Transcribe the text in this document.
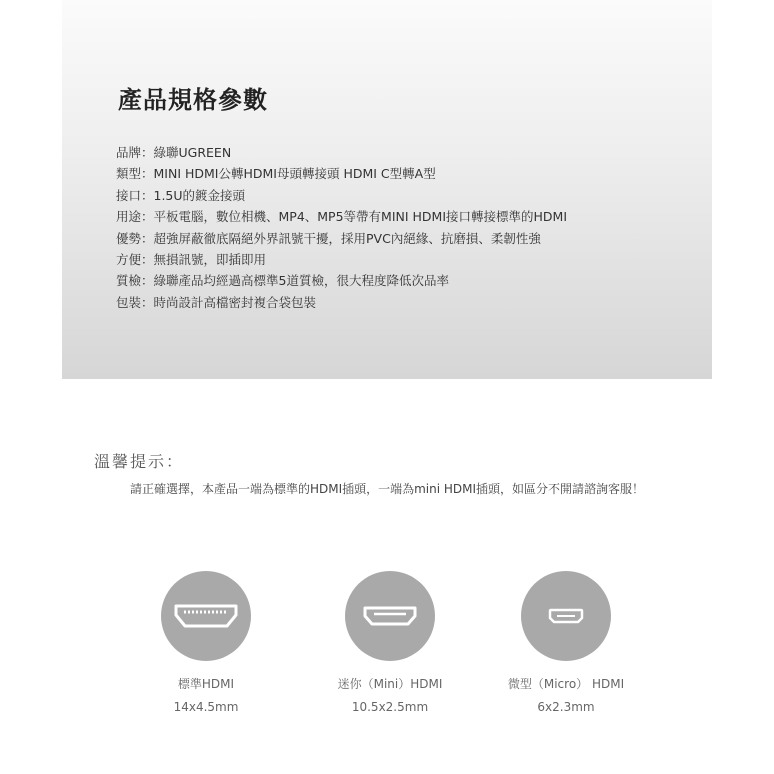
產品規格參數
品牌：綠聯UGREEN
類型：MINI HDMI公轉HDMI母頭轉接頭 HDMI C型轉A型
接口：1.5U的鍍金接頭
用途：平板電腦，數位相機、MP4、MP5等帶有MINI HDMI接口轉接標準的HDMI
優勢：超強屏蔽徹底隔絕外界訊號干擾，採用PVC內絕緣、抗磨損、柔韌性強
方便：無損訊號，即插即用
質檢：綠聯產品均經過高標準5道質檢，很大程度降低次品率
包裝：時尚設計高檔密封複合袋包裝
溫馨提示：

請正確選擇，本產品一端為標準的HDMI插頭，一端為mini HDMI插頭，如區分不開請諮詢客服！

標準HDMI
14x4.5mm
迷你（Mini）HDMI
10.5x2.5mm
微型（Micro） HDMI
6x2.3mm
